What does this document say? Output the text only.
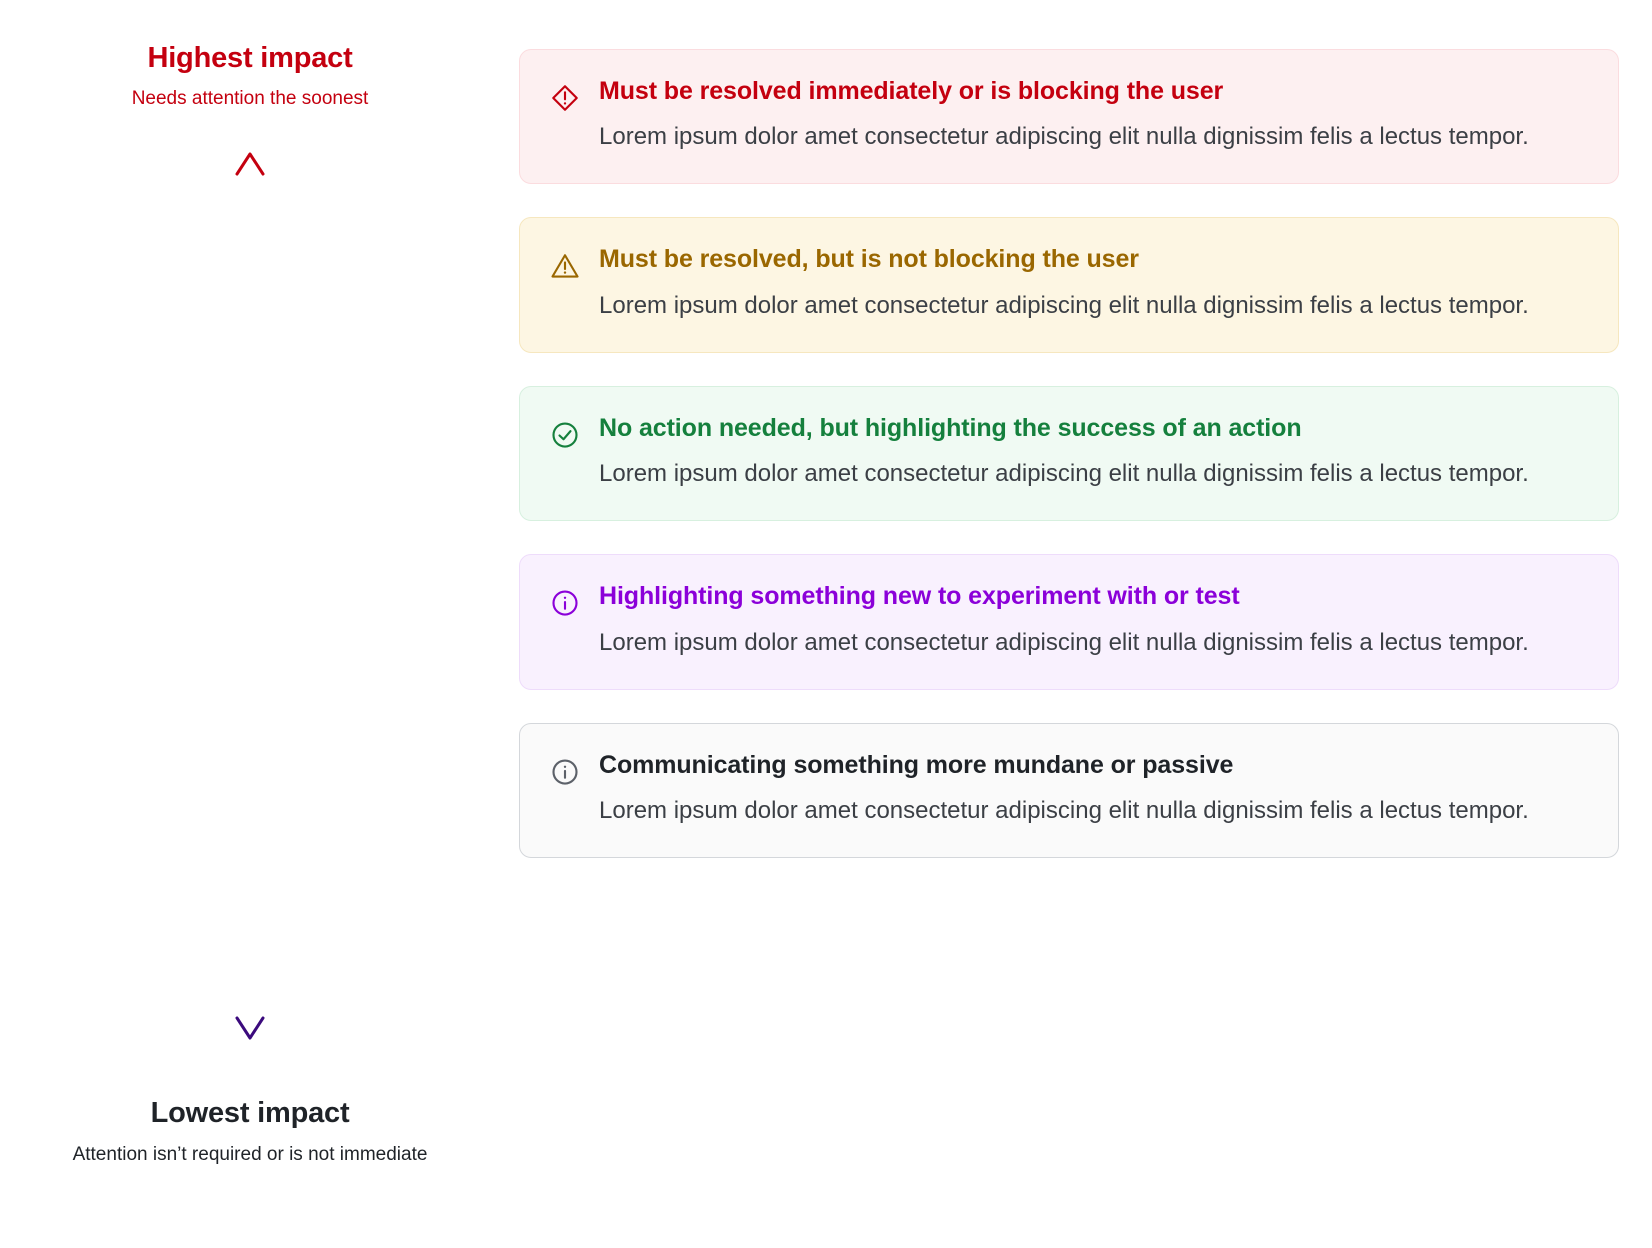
Highest impact
Needs attention the soonest
Lowest impact
Attention isn’t required or is not immediate
Must be resolved immediately or is blocking the user
Lorem ipsum dolor amet consectetur adipiscing elit nulla dignissim felis a lectus tempor.
Must be resolved, but is not blocking the user
Lorem ipsum dolor amet consectetur adipiscing elit nulla dignissim felis a lectus tempor.
No action needed, but highlighting the success of an action
Lorem ipsum dolor amet consectetur adipiscing elit nulla dignissim felis a lectus tempor.
Highlighting something new to experiment with or test
Lorem ipsum dolor amet consectetur adipiscing elit nulla dignissim felis a lectus tempor.
Communicating something more mundane or passive
Lorem ipsum dolor amet consectetur adipiscing elit nulla dignissim felis a lectus tempor.
